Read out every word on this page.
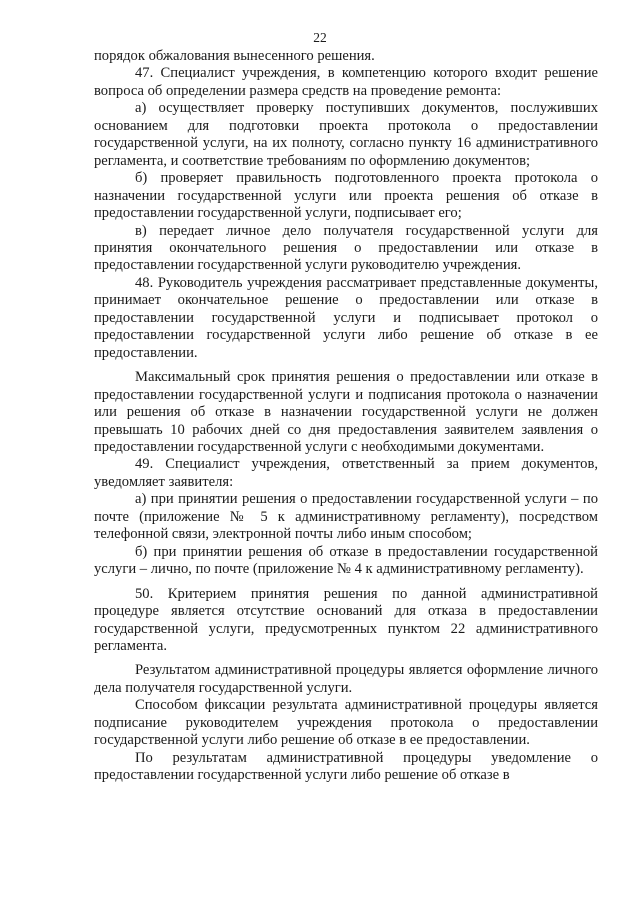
22

порядок обжалования вынесенного решения.

47. Специалист учреждения, в компетенцию которого входит решение вопроса об определении размера средств на проведение ремонта:

а) осуществляет проверку поступивших документов, послуживших основанием для подготовки проекта протокола о предоставлении государственной услуги, на их полноту, согласно пункту 16 административного регламента, и соответствие требованиям по оформлению документов;

б) проверяет правильность подготовленного проекта протокола о назначении государственной услуги или проекта решения об отказе в предоставлении государственной услуги, подписывает его;

в) передает личное дело получателя государственной услуги для принятия окончательного решения о предоставлении или отказе в предоставлении государственной услуги руководителю учреждения.

48. Руководитель учреждения рассматривает представленные документы, принимает окончательное решение о предоставлении или отказе в предоставлении государственной услуги и подписывает протокол о предоставлении государственной услуги либо решение об отказе в ее предоставлении.

Максимальный срок принятия решения о предоставлении или отказе в предоставлении государственной услуги и подписания протокола о назначении или решения об отказе в назначении государственной услуги не должен превышать 10 рабочих дней со дня предоставления заявителем заявления о предоставлении государственной услуги с необходимыми документами.

49. Специалист учреждения, ответственный за прием документов, уведомляет заявителя:

а) при принятии решения о предоставлении государственной услуги – по почте (приложение № 5 к административному регламенту), посредством телефонной связи, электронной почты либо иным способом;

б) при принятии решения об отказе в предоставлении государственной услуги – лично, по почте (приложение № 4 к административному регламенту).

50. Критерием принятия решения по данной административной процедуре является отсутствие оснований для отказа в предоставлении государственной услуги, предусмотренных пунктом 22 административного регламента.

Результатом административной процедуры является оформление личного дела получателя государственной услуги.

Способом фиксации результата административной процедуры является подписание руководителем учреждения протокола о предоставлении государственной услуги либо решение об отказе в ее предоставлении.

По результатам административной процедуры уведомление о предоставлении государственной услуги либо решение об отказе в
